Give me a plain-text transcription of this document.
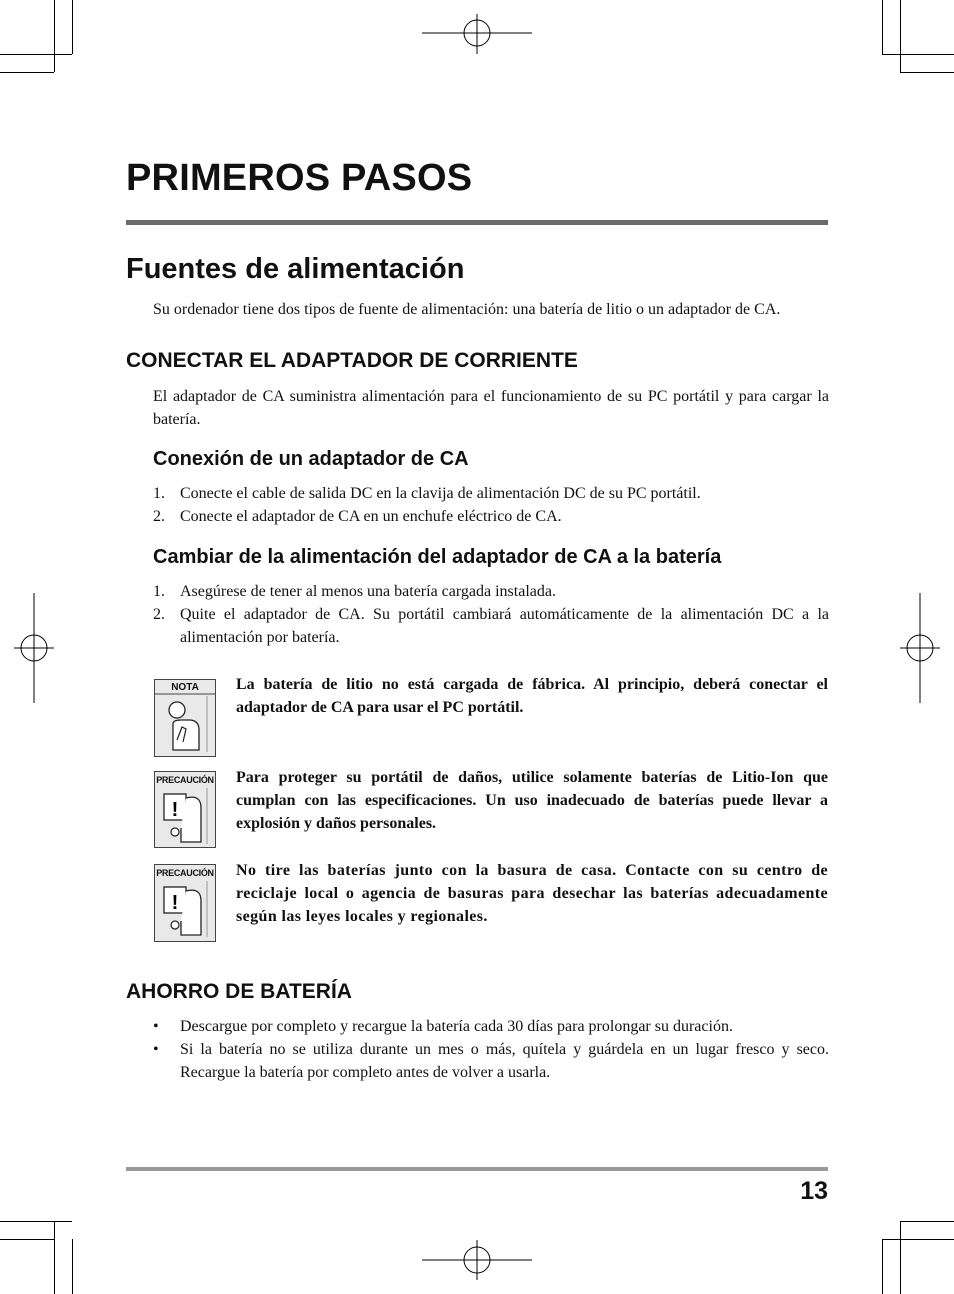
PRIMEROS PASOS
Fuentes de alimentación
Su ordenador tiene dos tipos de fuente de alimentación: una batería de litio o un adaptador de CA.
CONECTAR EL ADAPTADOR DE CORRIENTE
El adaptador de CA suministra alimentación para el funcionamiento de su PC portátil y para cargar la batería.
Conexión de un adaptador de CA
1. Conecte el cable de salida DC en la clavija de alimentación DC de su PC portátil.
2. Conecte el adaptador de CA en un enchufe eléctrico de CA.
Cambiar de la alimentación del adaptador de CA a la batería
1. Asegúrese de tener al menos una batería cargada instalada.
2. Quite el adaptador de CA. Su portátil cambiará automáticamente de la alimentación DC a la alimentación por batería.
NOTA	La batería de litio no está cargada de fábrica. Al principio, deberá conectar el adaptador de CA para usar el PC portátil.
PRECAUCIÓN
!
Para proteger su portátil de daños, utilice solamente baterías de Litio-Ion que cumplan con las especificaciones. Un uso inadecuado de baterías puede llevar a explosión y daños personales.
PRECAUCIÓN
!
No tire las baterías junto con la basura de casa. Contacte con su centro de reciclaje local o agencia de basuras para desechar las baterías adecuadamente según las leyes locales y regionales.
AHORRO DE BATERÍA
• Descargue por completo y recargue la batería cada 30 días para prolongar su duración.
• Si la batería no se utiliza durante un mes o más, quítela y guárdela en un lugar fresco y seco. Recargue la batería por completo antes de volver a usarla.
13
